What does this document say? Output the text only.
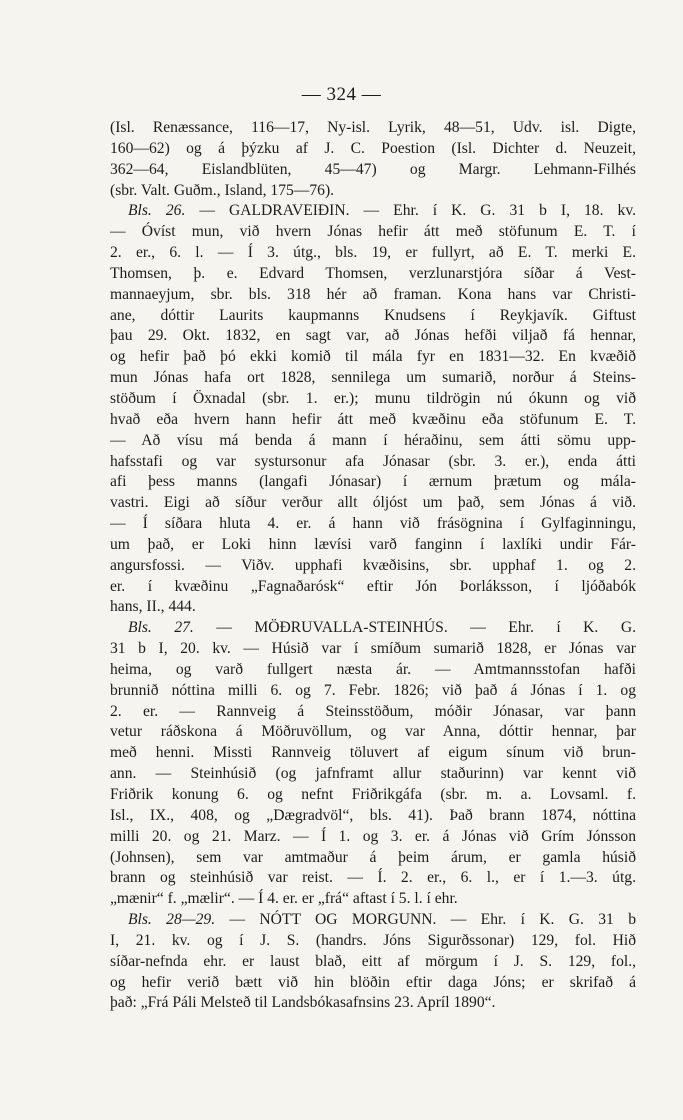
— 324 —
(Isl. Renæssance, 116—17, Ny-isl. Lyrik, 48—51, Udv. isl. Digte,
160—62) og á þýzku af J. C. Poestion (Isl. Dichter d. Neuzeit,
362—64, Eislandblüten, 45—47) og Margr. Lehmann-Filhés
(sbr. Valt. Guðm., Island, 175—76).
Bls. 26. — GALDRAVEIÐIN. — Ehr. í K. G. 31 b I, 18. kv.
— Óvíst mun, við hvern Jónas hefir átt með stöfunum E. T. í
2. er., 6. l. — Í 3. útg., bls. 19, er fullyrt, að E. T. merki E.
Thomsen, þ. e. Edvard Thomsen, verzlunarstjóra síðar á Vest-
mannaeyjum, sbr. bls. 318 hér að framan. Kona hans var Christi-
ane, dóttir Laurits kaupmanns Knudsens í Reykjavík. Giftust
þau 29. Okt. 1832, en sagt var, að Jónas hefði viljað fá hennar,
og hefir það þó ekki komið til mála fyr en 1831—32. En kvæðið
mun Jónas hafa ort 1828, sennilega um sumarið, norður á Steins-
stöðum í Öxnadal (sbr. 1. er.); munu tildrögin nú ókunn og við
hvað eða hvern hann hefir átt með kvæðinu eða stöfunum E. T.
— Að vísu má benda á mann í héraðinu, sem átti sömu upp-
hafsstafi og var systursonur afa Jónasar (sbr. 3. er.), enda átti
afi þess manns (langafi Jónasar) í ærnum þrætum og mála-
vastri. Eigi að síður verður allt óljóst um það, sem Jónas á við.
— Í síðara hluta 4. er. á hann við frásögnina í Gylfaginningu,
um það, er Loki hinn lævísi varð fanginn í laxlíki undir Fár-
angursfossi. — Viðv. upphafi kvæðisins, sbr. upphaf 1. og 2.
er. í kvæðinu „Fagnaðarósk“ eftir Jón Þorláksson, í ljóðabók
hans, II., 444.
Bls. 27. — MÖÐRUVALLA-STEINHÚS. — Ehr. í K. G.
31 b I, 20. kv. — Húsið var í smíðum sumarið 1828, er Jónas var
heima, og varð fullgert næsta ár. — Amtmannsstofan hafði
brunnið nóttina milli 6. og 7. Febr. 1826; við það á Jónas í 1. og
2. er. — Rannveig á Steinsstöðum, móðir Jónasar, var þann
vetur ráðskona á Möðruvöllum, og var Anna, dóttir hennar, þar
með henni. Missti Rannveig töluvert af eigum sínum við brun-
ann. — Steinhúsið (og jafnframt allur staðurinn) var kennt við
Friðrik konung 6. og nefnt Friðrikgáfa (sbr. m. a. Lovsaml. f.
Isl., IX., 408, og „Dægradvöl“, bls. 41). Það brann 1874, nóttina
milli 20. og 21. Marz. — Í 1. og 3. er. á Jónas við Grím Jónsson
(Johnsen), sem var amtmaður á þeim árum, er gamla húsið
brann og steinhúsið var reist. — Í. 2. er., 6. l., er í 1.—3. útg.
„mænir“ f. „mælir“. — Í 4. er. er „frá“ aftast í 5. l. í ehr.
Bls. 28—29. — NÓTT OG MORGUNN. — Ehr. í K. G. 31 b
I, 21. kv. og í J. S. (handrs. Jóns Sigurðssonar) 129, fol. Hið
síðar-nefnda ehr. er laust blað, eitt af mörgum í J. S. 129, fol.,
og hefir verið bætt við hin blöðin eftir daga Jóns; er skrifað á
það: „Frá Páli Melsteð til Landsbókasafnsins 23. Apríl 1890“.
